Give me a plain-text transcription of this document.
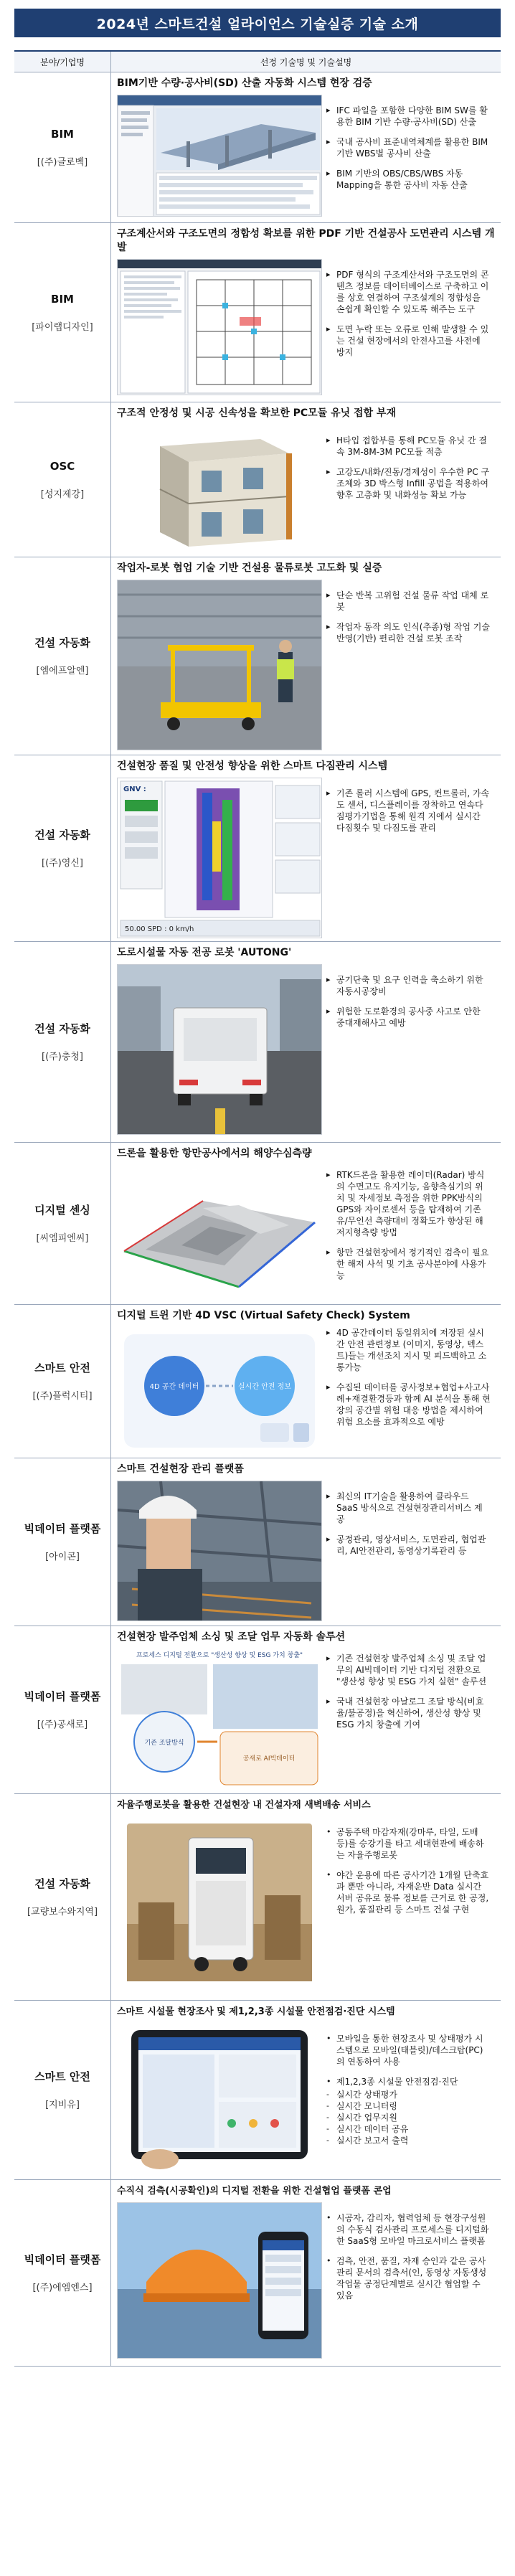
2024년 스마트건설 얼라이언스 기술실증 기술 소개
분야/기업명	선정 기술명 및 기술설명
BIM
[(주)글로벡]
BIM기반 수량·공사비(SD) 산출 자동화 시스템 현장 검증
▸ IFC 파일을 포함한 다양한 BIM SW를 활용한 BIM 기반 수량·공사비(SD) 산출
▸ 국내 공사비 표준내역체계를 활용한 BIM 기반 WBS별 공사비 산출
▸ BIM 기반의 OBS/CBS/WBS 자동 Mapping을 통한 공사비 자동 산출
BIM
[파이랩디자인]
구조계산서와 구조도면의 정합성 확보를 위한 PDF 기반 건설공사 도면관리 시스템 개발
▸ PDF 형식의 구조계산서와 구조도면의 콘텐츠 정보를 데이터베이스로 구축하고 이를 상호 연결하여 구조설계의 정합성을 손쉽게 확인할 수 있도록 해주는 도구
▸ 도면 누락 또는 오류로 인해 발생할 수 있는 건설 현장에서의 안전사고를 사전에 방지
OSC
[성지제강]
구조적 안정성 및 시공 신속성을 확보한 PC모듈 유닛 접합 부재
▸ H타입 접합부를 통해 PC모듈 유닛 간 결속 3M-8M-3M PC모듈 적층
▸ 고강도/내화/진동/경제성이 우수한 PC 구조체와 3D 박스형 Infill 공법을 적용하여 향후 고층화 및 내화성능 확보 가능
건설 자동화
[엠에프알엔]
작업자-로봇 협업 기술 기반 건설용 물류로봇 고도화 및 실증
▸ 단순 반복 고위험 건설 물류 작업 대체 로봇
▸ 작업자 동작 의도 인식(추종)형 작업 기술 반영(기반) 편리한 건설 로봇 조작
건설 자동화
[(주)영신]
건설현장 품질 및 안전성 향상을 위한 스마트 다짐관리 시스템
GNV :
50.00 SPD : 0 km/h
▸ 기존 롤러 시스템에 GPS, 컨트롤러, 가속도 센서, 디스플레이를 장착하고 연속다짐평가기법을 통해 원격 지에서 실시간 다짐횟수 및 다짐도를 관리
건설 자동화
[(주)충청]
도로시설물 자동 전공 로봇 'AUTONG'
▸ 공기단축 및 요구 인력을 축소하기 위한 자동시공장비
▸ 위험한 도로환경의 공사중 사고로 안한 중대재해사고 예방
디지털 센싱
[씨엠피엔씨]
드론을 활용한 항만공사에서의 해양수심측량
▸ RTK드론을 활용한 레이더(Radar) 방식의 수면고도 유지기능, 음향측심기의 위치 및 자세정보 측정을 위한 PPK방식의 GPS와 자이로센서 등을 탑재하여 기존 유/무인선 측량대비 정확도가 향상된 해저지형측량 방법
▸ 항만 건설현장에서 정기적인 검측이 필요한 해저 사석 및 기초 공사분야에 사용가능
스마트 안전
[(주)플럭시티]
디지털 트윈 기반 4D VSC (Virtual Safety Check) System
4D 공간 데이터	실시간 안전 정보
▸ 4D 공간데이터 동일위치에 저장된 실시간 안전 관련정보 (이미지, 동영상, 텍스트)들는 개선조치 지시 및 피드백하고 소통가능
▸ 수집된 데이터를 공사정보+협업+사고사례+재결환경등과 함께 AI 분석을 통해 현장의 공간별 위험 대응 방법을 제시하여 위험 요소를 효과적으로 예방
빅데이터 플랫폼
[아이콘]
스마트 건설현장 관리 플랫폼
▸ 최신의 IT기술을 활용하여 클라우드 SaaS 방식으로 건설현장관리서비스 제공
▸ 공정관리, 영상서비스, 도면관리, 협업관리, AI안전관리, 동영상기록관리 등
빅데이터 플랫폼
[(주)공새로]
건설현장 발주업체 소싱 및 조달 업무 자동화 솔루션
프로세스 디지털 전환으로 "생산성 향상 및 ESG 가치 창출"
기존 조달방식
공새로 AI빅데이터
▸ 기존 건설현장 발주업체 소싱 및 조달 업무의 AI빅데이터 기반 디지털 전환으로 "생산성 향상 및 ESG 가치 실현" 솔루션
▸ 국내 건설현장 아날로그 조달 방식(비효율/불공정)을 혁신하여, 생산성 향상 및 ESG 가치 창출에 기여
건설 자동화
[교량보수와지역]
자율주행로봇을 활용한 건설현장 내 건설자재 새벽배송 서비스
• 공동주택 마감자재(강마루, 타일, 도배 등)를 승강기를 타고 세대현관에 배송하는 자율주행로봇
• 야간 운용에 따른 공사기간 1개월 단축효과 뿐만 아니라, 자재운반 Data 실시간 서버 공유로 물류 정보를 근거로 한 공정, 원가, 품질관리 등 스마트 건설 구현
스마트 안전
[지비유]
스마트 시설물 현장조사 및 제1,2,3종 시설물 안전점검·진단 시스템
• 모바일을 통한 현장조사 및 상태평가 시스템으로 모바일(태블릿)/데스크탑(PC)의 연동하여 사용
• 제1,2,3종 시설물 안전점검·진단
- 실시간 상태평가
- 실시간 모니터링
- 실시간 업무지원
- 실시간 데이터 공유
- 실시간 보고서 출력
빅데이터 플랫폼
[(주)에엠엔스]
수직식 검측(시공확인)의 디지털 전환을 위한 건설협업 플랫폼 콘업
• 시공자, 감리자, 협력업체 등 현장구성원의 수동식 검사관리 프로세스를 디지털화한 SaaS형 모바일 마크로서비스 플랫폼
• 검측, 안전, 품질, 자재 승인과 같은 공사관리 문서의 검측서(인, 동영상 자동생성 작업물 공정단계별로 실시간 협업할 수 있음
